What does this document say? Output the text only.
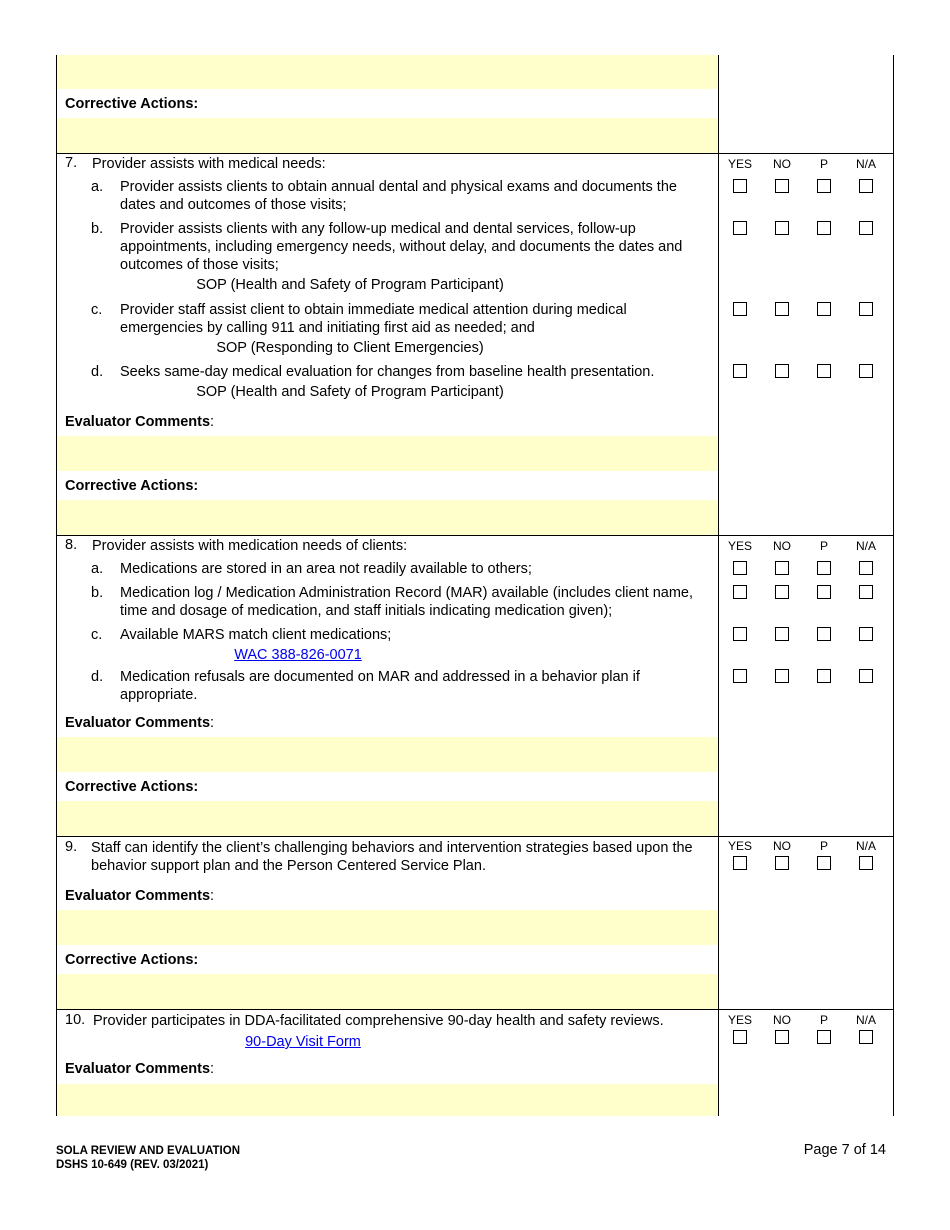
Corrective Actions :
7.	Provider assists with medical needs:	YES	NO	P	N/A
a.	Provider assists clients to obtain annual dental and physical exams and documents the dates and outcomes of those visits;
b.	Provider assists clients with any follow-up medical and dental services, follow-up appointments, including emergency needs, without delay, and documents the dates and outcomes of those visits;
SOP (Health and Safety of Program Participant)
c.	Provider staff assist client to obtain immediate medical attention during medical emergencies by calling 911 and initiating first aid as needed; and
SOP (Responding to Client Emergencies)
d.	Seeks same-day medical evaluation for changes from baseline health presentation.
SOP (Health and Safety of Program Participant)
Evaluator Comments :
Corrective Actions :
8.	Provider assists with medication needs of clients:	YES	NO	P	N/A
a.	Medications are stored in an area not readily available to others;
b.	Medication log / Medication Administration Record (MAR) available (includes client name, time and dosage of medication, and staff initials indicating medication given);
c.	Available MARS match client medications;
WAC 388-826-0071
d.	Medication refusals are documented on MAR and addressed in a behavior plan if appropriate.
Evaluator Comments :
Corrective Actions :
9. Staff can identify the client’s challenging behaviors and intervention strategies based upon the behavior support plan and the Person Centered Service Plan.
YES	NO	P	N/A
Evaluator Comments :
Corrective Actions :
10. Provider participates in DDA-facilitated comprehensive 90-day health and safety reviews.
90-Day Visit Form
YES	NO	P	N/A
Evaluator Comments :
SOLA REVIEW AND EVALUATION
DSHS 10-649 (REV. 03/2021)
Page 7 of 14
